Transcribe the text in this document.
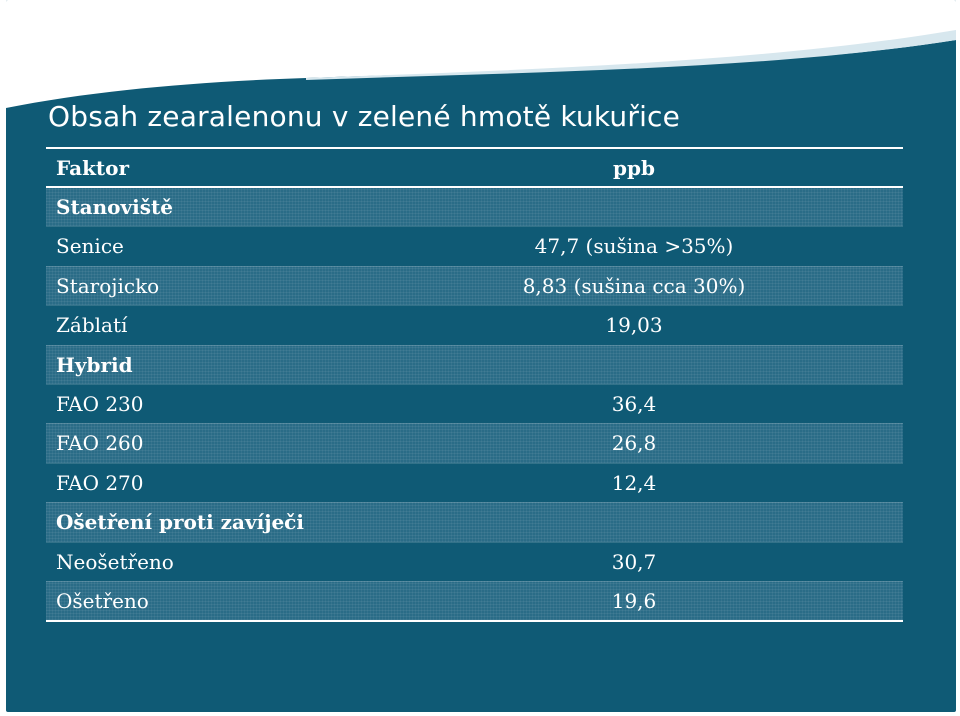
Obsah zearalenonu v zelené hmotě kukuřice
Faktor	ppb
Stanoviště
Senice	47,7 (sušina >35%)
Starojicko	8,83 (sušina cca 30%)
Záblatí	19,03
Hybrid
FAO 230	36,4
FAO 260	26,8
FAO 270	12,4
Ošetření proti zavíječi
Neošetřeno	30,7
Ošetřeno	19,6
